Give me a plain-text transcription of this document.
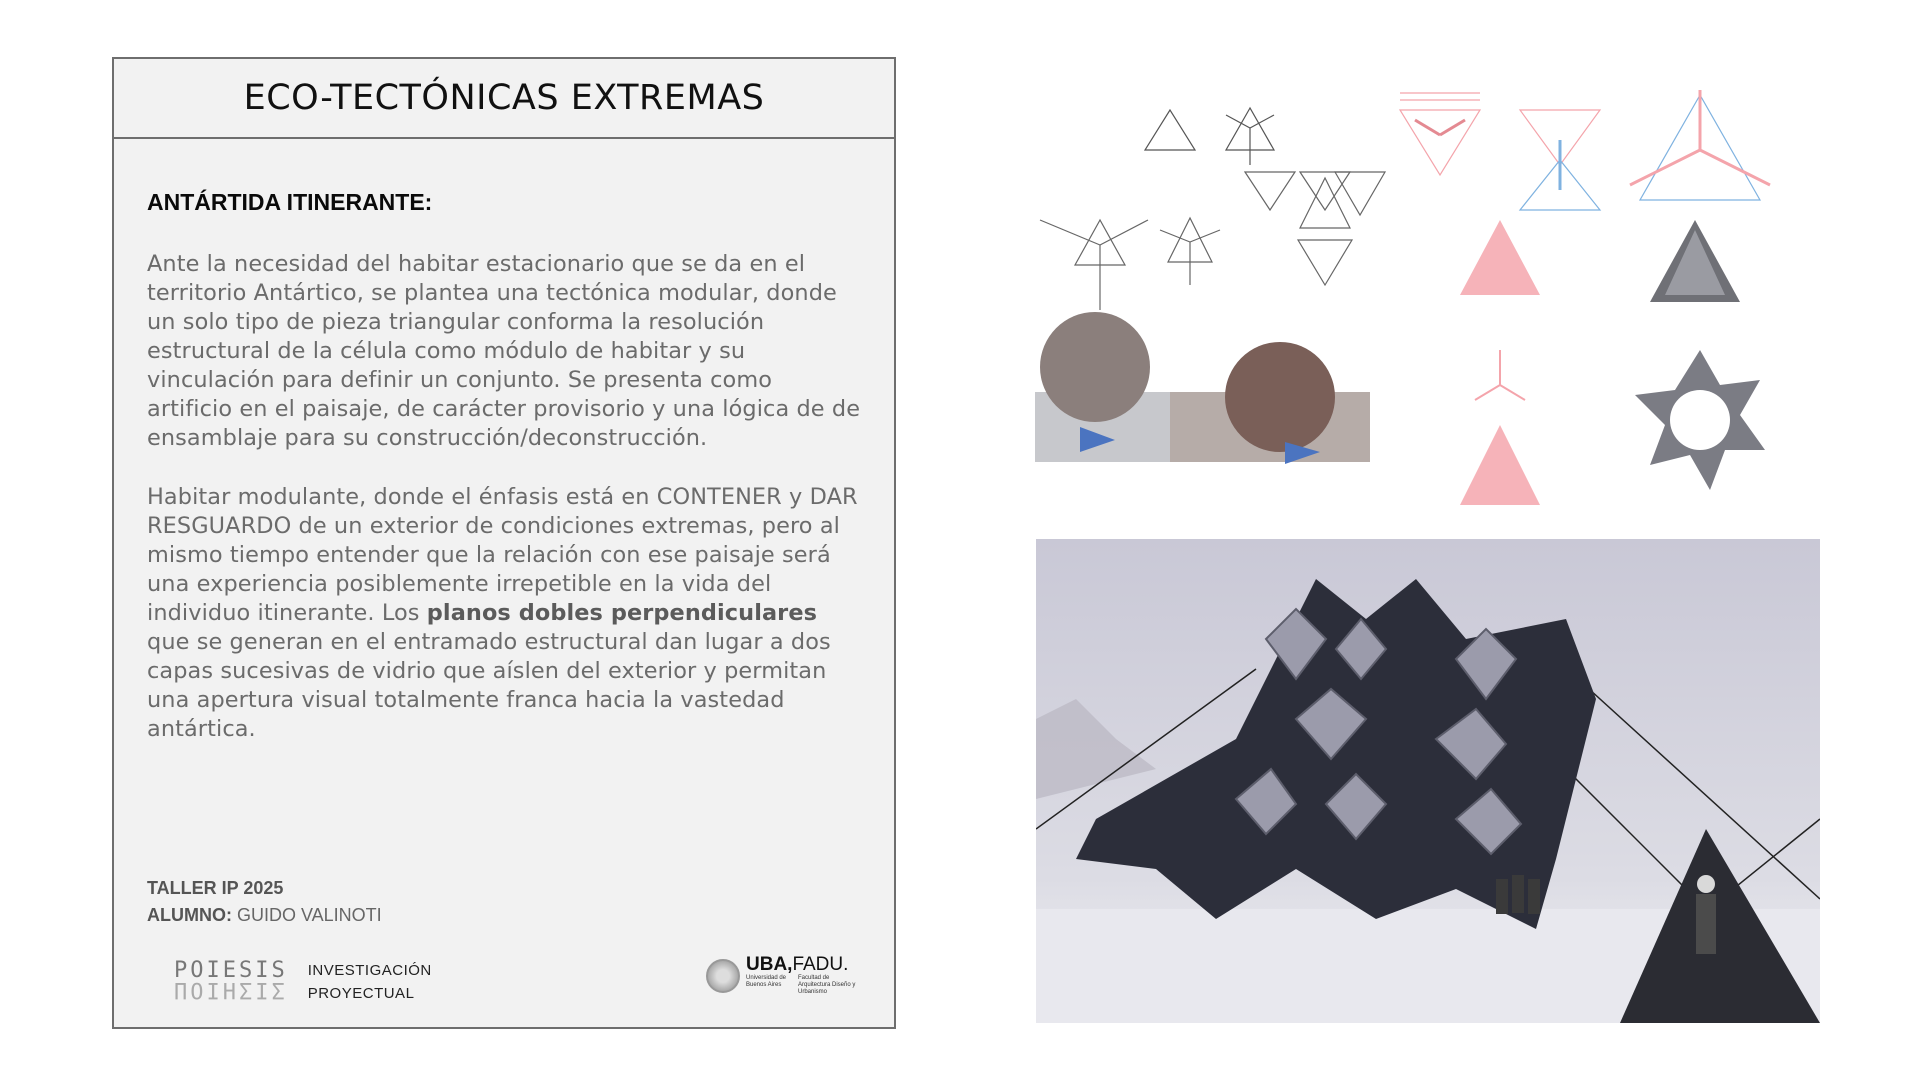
ECO-TECTÓNICAS EXTREMAS
ANTÁRTIDA ITINERANTE:

Ante la necesidad del habitar estacionario que se da en el territorio Antártico, se plantea una tectónica modular, donde un solo tipo de pieza triangular conforma la resolución estructural de la célula como módulo de habitar y su vinculación para definir un conjunto. Se presenta como artificio en el paisaje, de carácter provisorio y una lógica de de ensamblaje para su construcción/deconstrucción.

Habitar modulante, donde el énfasis está en CONTENER y DAR RESGUARDO de un exterior de condiciones extremas, pero al mismo tiempo entender que la relación con ese paisaje será una experiencia posiblemente irrepetible en la vida del individuo itinerante. Los planos dobles perpendiculares que se generan en el entramado estructural dan lugar a dos capas sucesivas de vidrio que aíslen del exterior y permitan una apertura visual totalmente franca hacia la vastedad antártica.

TALLER IP 2025
ALUMNO: GUIDO VALINOTI
POIESIS
ΠΟΙΗΣΙΣ
INVESTIGACIÓN
PROYECTUAL
UBA,FADU.
Universidad de Buenos Aires
Facultad de Arquitectura Diseño y Urbanismo
